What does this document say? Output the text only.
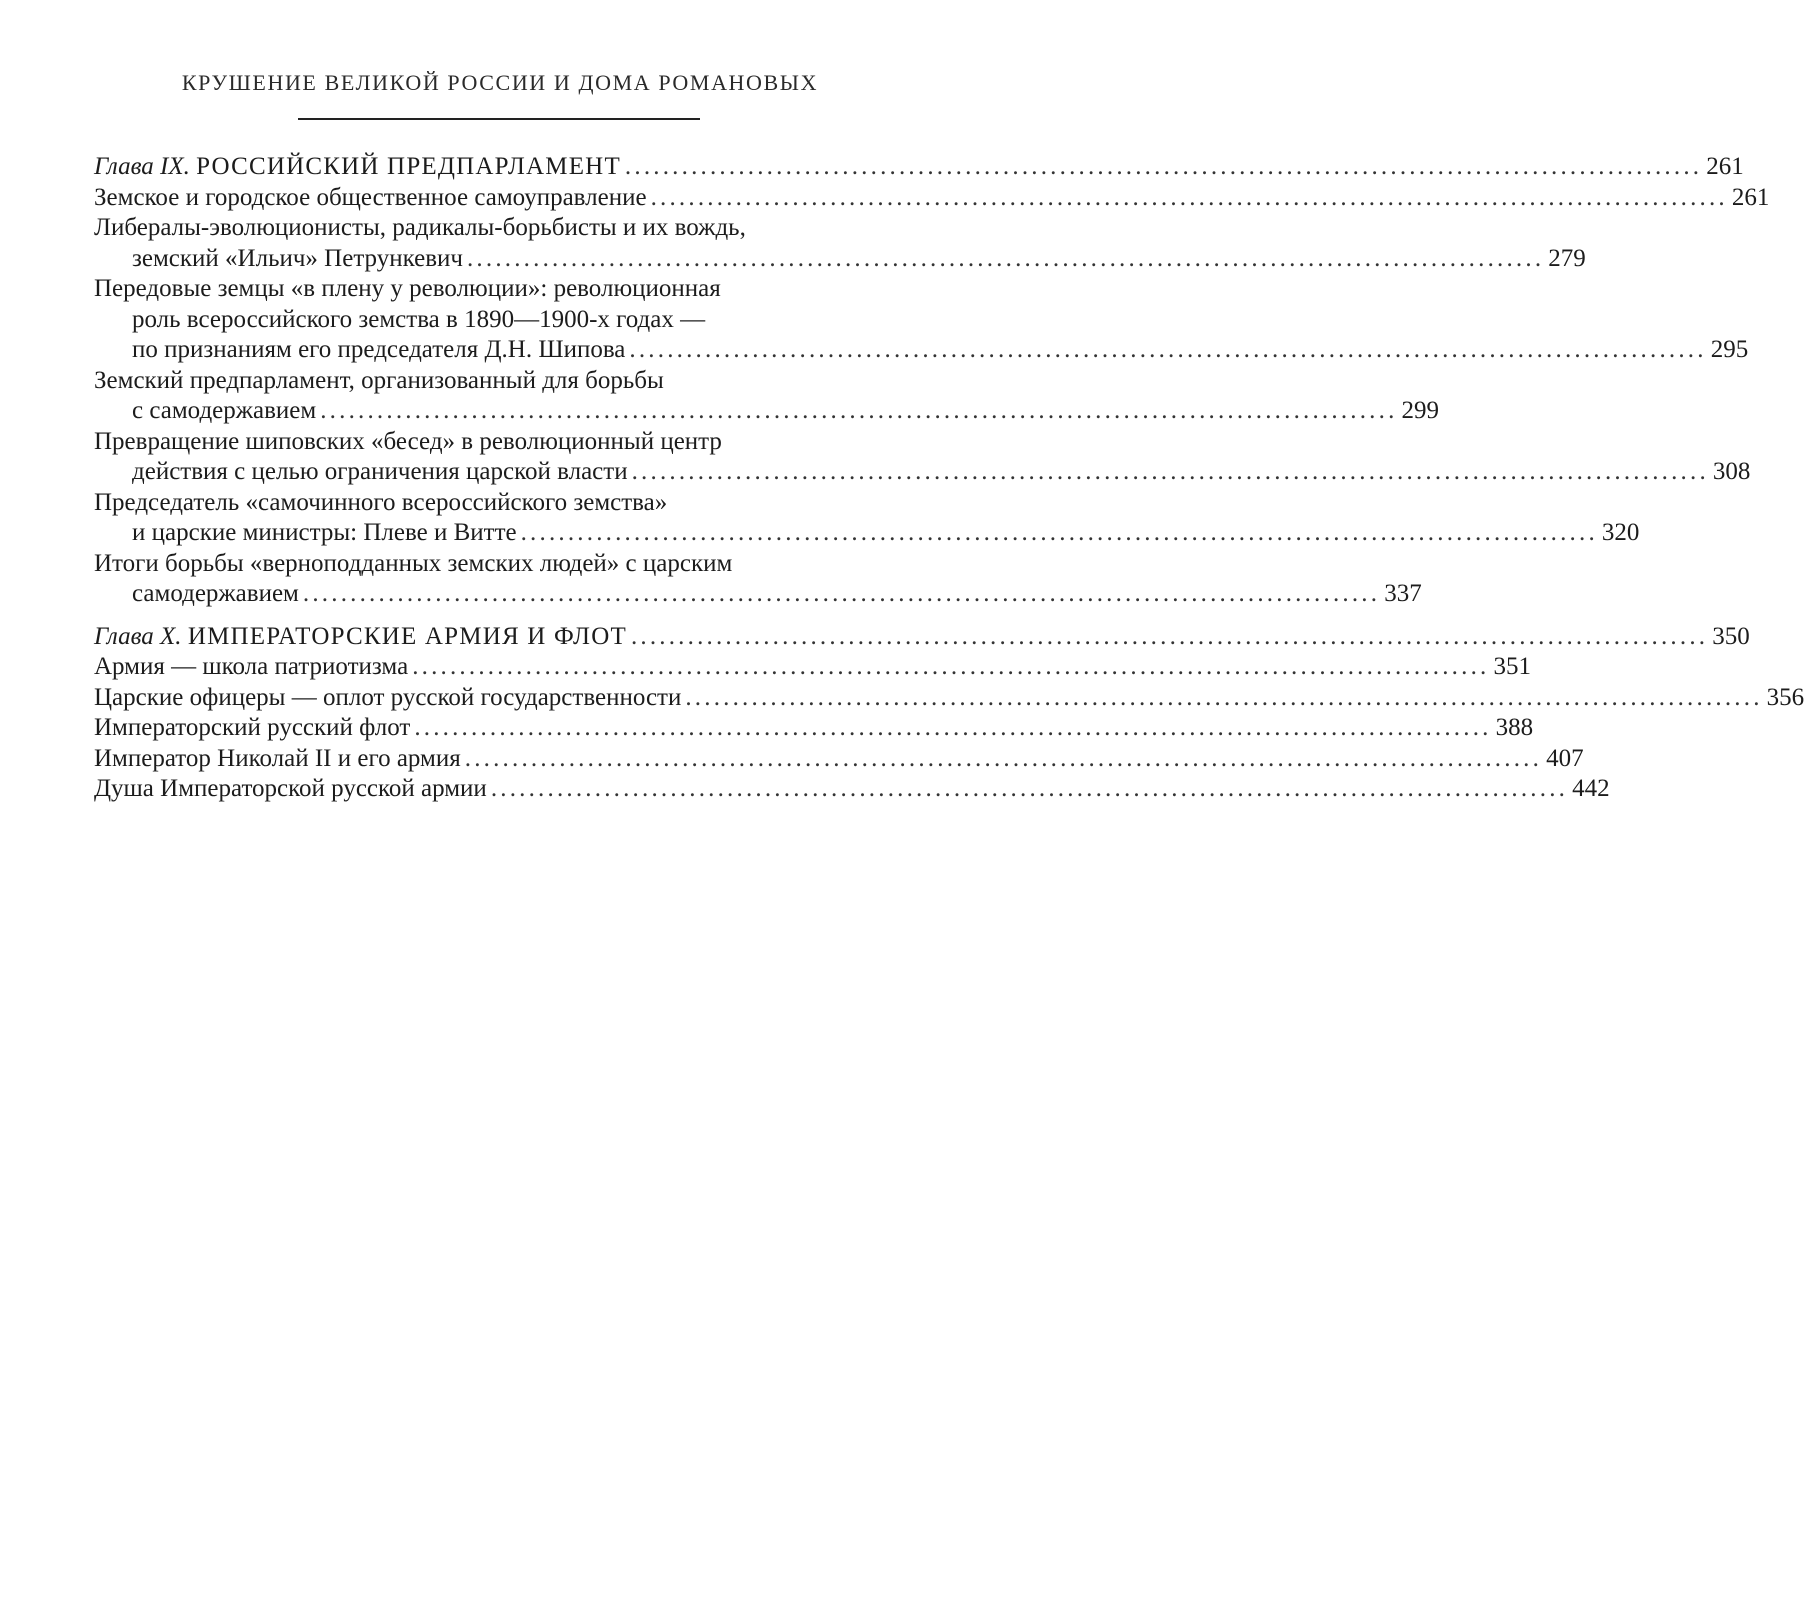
КРУШЕНИЕ ВЕЛИКОЙ РОССИИ И ДОМА РОМАНОВЫХ
Глава IX. РОССИЙСКИЙ ПРЕДПАРЛАМЕНТ .................................................................................................................. 261
Земское и городское общественное самоуправление .................................................................................................................. 261
Либералы-эволюционисты, радикалы-борьбисты и их вождь,
земский «Ильич» Петрункевич .................................................................................................................. 279
Передовые земцы «в плену у революции»: революционная
роль всероссийского земства в 1890—1900-х годах —
по признаниям его председателя Д.Н. Шипова .................................................................................................................. 295
Земский предпарламент, организованный для борьбы
с самодержавием .................................................................................................................. 299
Превращение шиповских «бесед» в революционный центр
действия с целью ограничения царской власти .................................................................................................................. 308
Председатель «самочинного всероссийского земства»
и царские министры: Плеве и Витте .................................................................................................................. 320
Итоги борьбы «верноподданных земских людей» с царским
самодержавием .................................................................................................................. 337
Глава X. ИМПЕРАТОРСКИЕ АРМИЯ И ФЛОТ .................................................................................................................. 350
Армия — школа патриотизма .................................................................................................................. 351
Царские офицеры — оплот русской государственности .................................................................................................................. 356
Императорский русский флот .................................................................................................................. 388
Император Николай II и его армия .................................................................................................................. 407
Душа Императорской русской армии .................................................................................................................. 442
